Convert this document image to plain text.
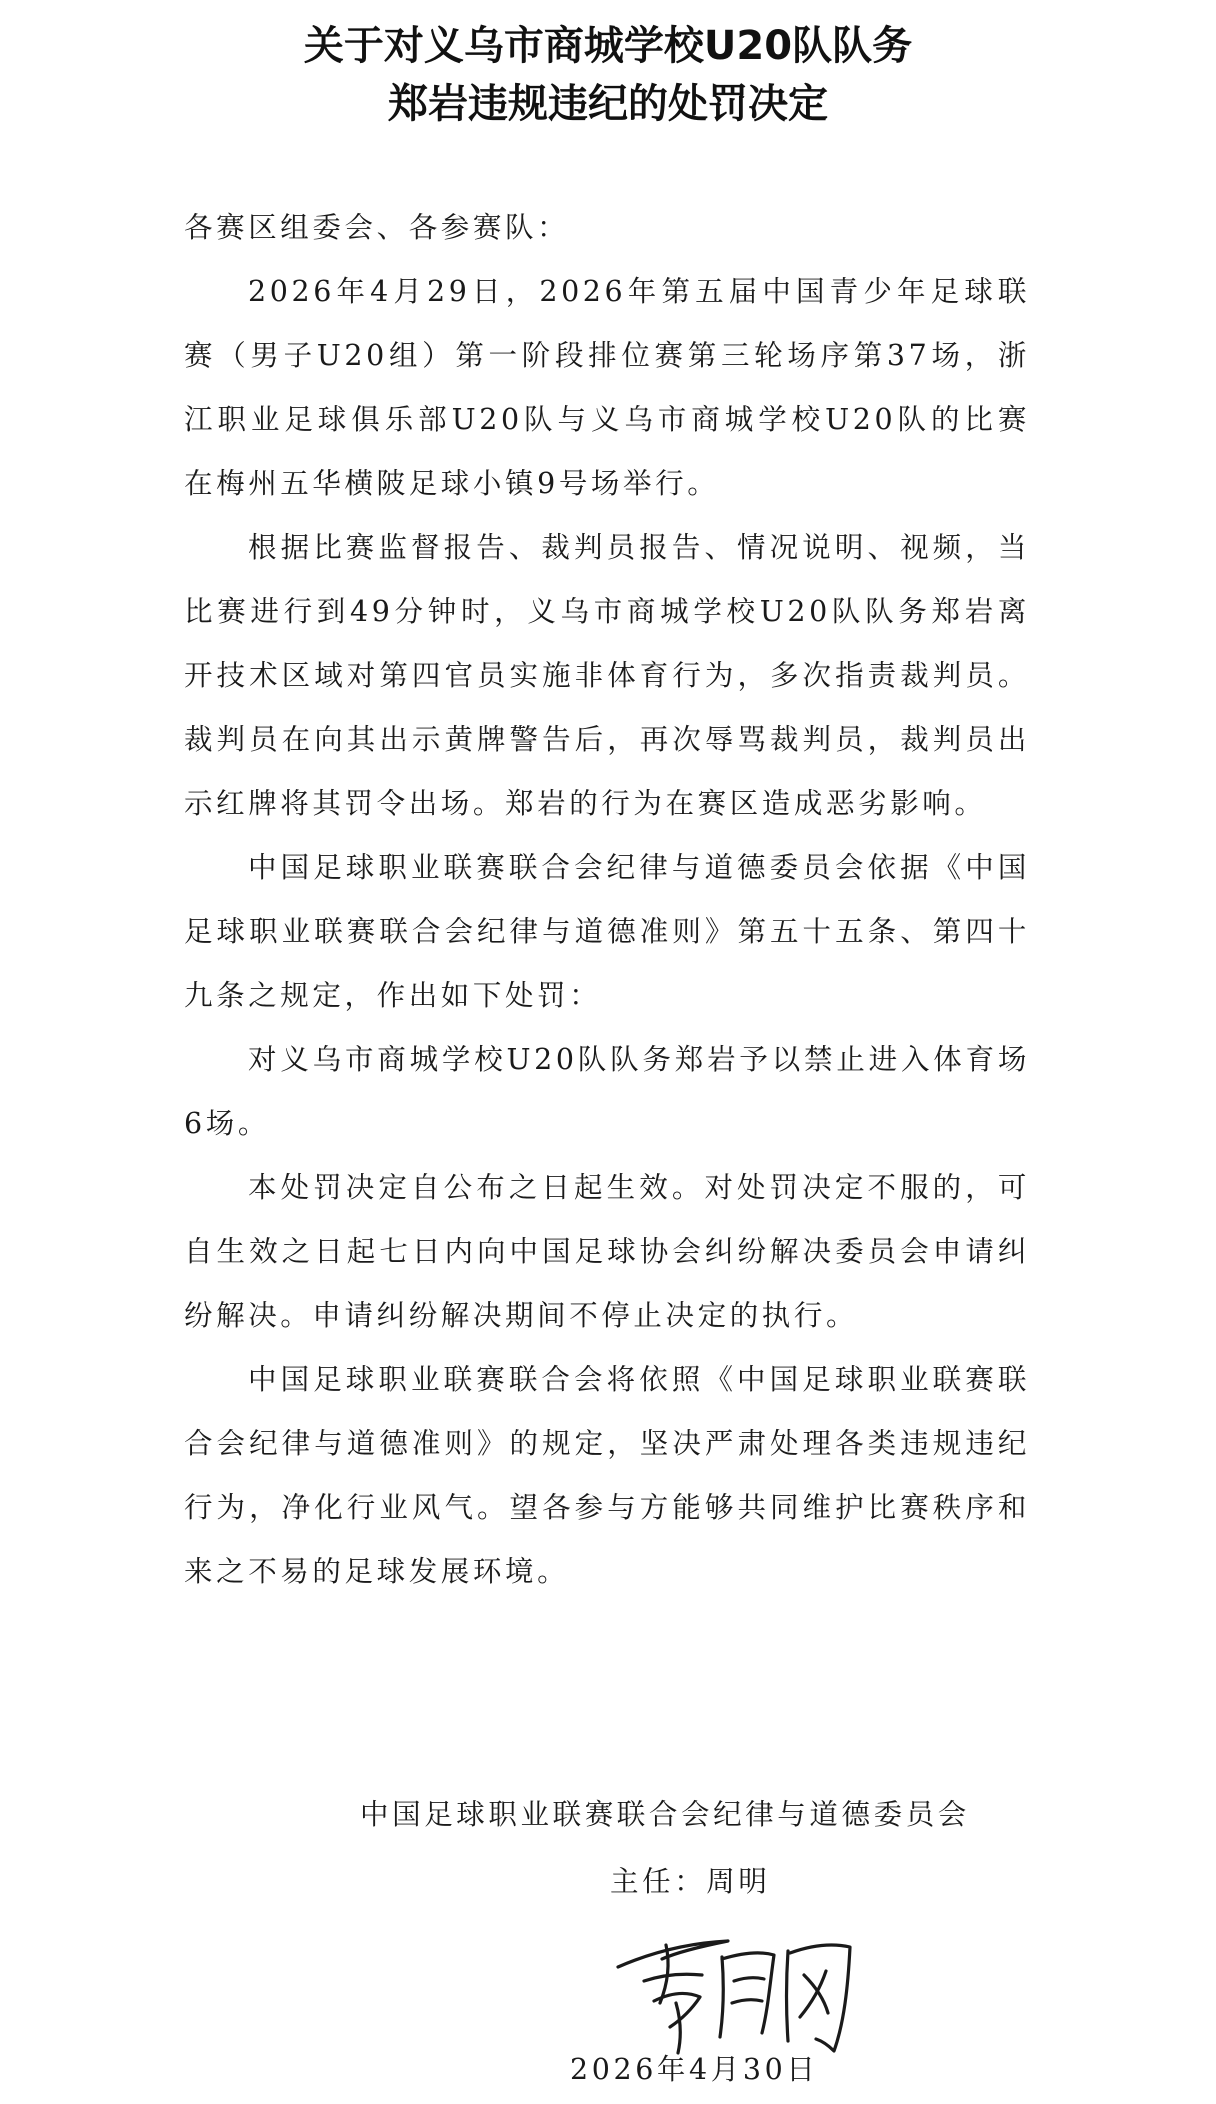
关于对义乌市商城学校U20队队务
郑岩违规违纪的处罚决定

各赛区组委会、各参赛队：

2026年4月29日，2026年第五届中国青少年足球联赛（男子U20组）第一阶段排位赛第三轮场序第37场，浙江职业足球俱乐部U20队与义乌市商城学校U20队的比赛在梅州五华横陂足球小镇9号场举行。

根据比赛监督报告、裁判员报告、情况说明、视频，当比赛进行到49分钟时，义乌市商城学校U20队队务郑岩离开技术区域对第四官员实施非体育行为，多次指责裁判员。裁判员在向其出示黄牌警告后，再次辱骂裁判员，裁判员出示红牌将其罚令出场。郑岩的行为在赛区造成恶劣影响。

中国足球职业联赛联合会纪律与道德委员会依据《中国足球职业联赛联合会纪律与道德准则》第五十五条、第四十九条之规定，作出如下处罚：

对义乌市商城学校U20队队务郑岩予以禁止进入体育场6场。

本处罚决定自公布之日起生效。对处罚决定不服的，可自生效之日起七日内向中国足球协会纠纷解决委员会申请纠纷解决。申请纠纷解决期间不停止决定的执行。

中国足球职业联赛联合会将依照《中国足球职业联赛联合会纪律与道德准则》的规定，坚决严肃处理各类违规违纪行为，净化行业风气。望各参与方能够共同维护比赛秩序和来之不易的足球发展环境。

中国足球职业联赛联合会纪律与道德委员会

主任：周明

2026年4月30日
